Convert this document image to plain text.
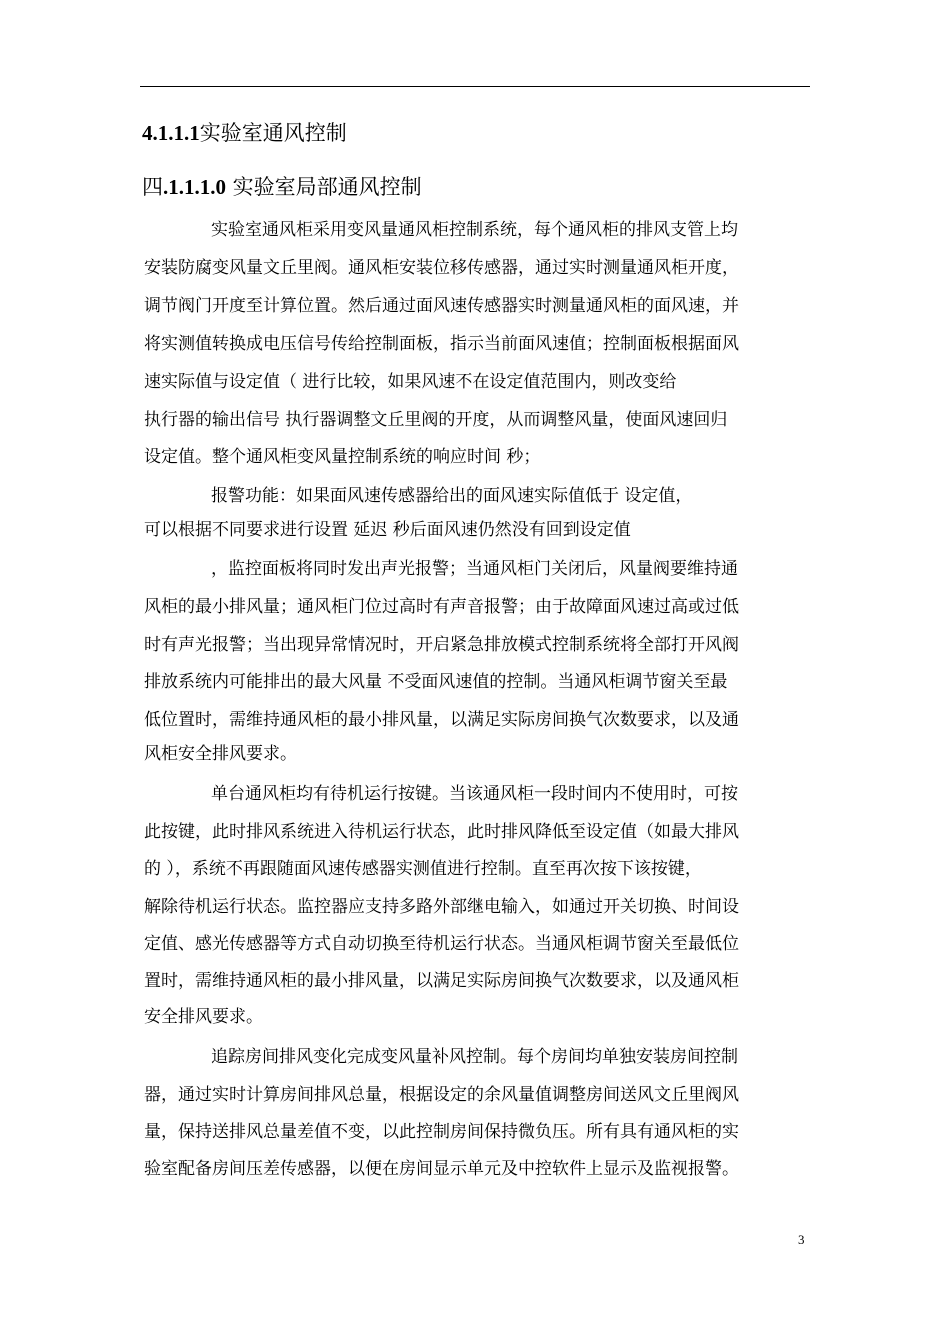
4.1.1.1实验室通风控制
四.1.1.1.0 实验室局部通风控制
实验室通风柜采用变风量通风柜控制系统，每个通风柜的排风支管上均
安装防腐变风量文丘里阀。通风柜安装位移传感器，通过实时测量通风柜开度，
调节阀门开度至计算位置。然后通过面风速传感器实时测量通风柜的面风速，并
将实测值转换成电压信号传给控制面板，指示当前面风速值；控制面板根据面风
速实际值与设定值（ 进行比较，如果风速不在设定值范围内，则改变给
执行器的输出信号 执行器调整文丘里阀的开度，从而调整风量，使面风速回归
设定值。整个通风柜变风量控制系统的响应时间 秒；
报警功能：如果面风速传感器给出的面风速实际值低于 设定值，
可以根据不同要求进行设置 延迟 秒后面风速仍然没有回到设定值
，监控面板将同时发出声光报警；当通风柜门关闭后，风量阀要维持通
风柜的最小排风量；通风柜门位过高时有声音报警；由于故障面风速过高或过低
时有声光报警；当出现异常情况时，开启紧急排放模式控制系统将全部打开风阀
排放系统内可能排出的最大风量 不受面风速值的控制。当通风柜调节窗关至最
低位置时，需维持通风柜的最小排风量，以满足实际房间换气次数要求，以及通
风柜安全排风要求。
单台通风柜均有待机运行按键。当该通风柜一段时间内不使用时，可按
此按键，此时排风系统进入待机运行状态，此时排风降低至设定值（如最大排风
的 ），系统不再跟随面风速传感器实测值进行控制。直至再次按下该按键，
解除待机运行状态。监控器应支持多路外部继电输入，如通过开关切换、时间设
定值、感光传感器等方式自动切换至待机运行状态。当通风柜调节窗关至最低位
置时，需维持通风柜的最小排风量，以满足实际房间换气次数要求，以及通风柜
安全排风要求。
追踪房间排风变化完成变风量补风控制。每个房间均单独安装房间控制
器，通过实时计算房间排风总量，根据设定的余风量值调整房间送风文丘里阀风
量，保持送排风总量差值不变，以此控制房间保持微负压。所有具有通风柜的实
验室配备房间压差传感器，以便在房间显示单元及中控软件上显示及监视报警。
3
